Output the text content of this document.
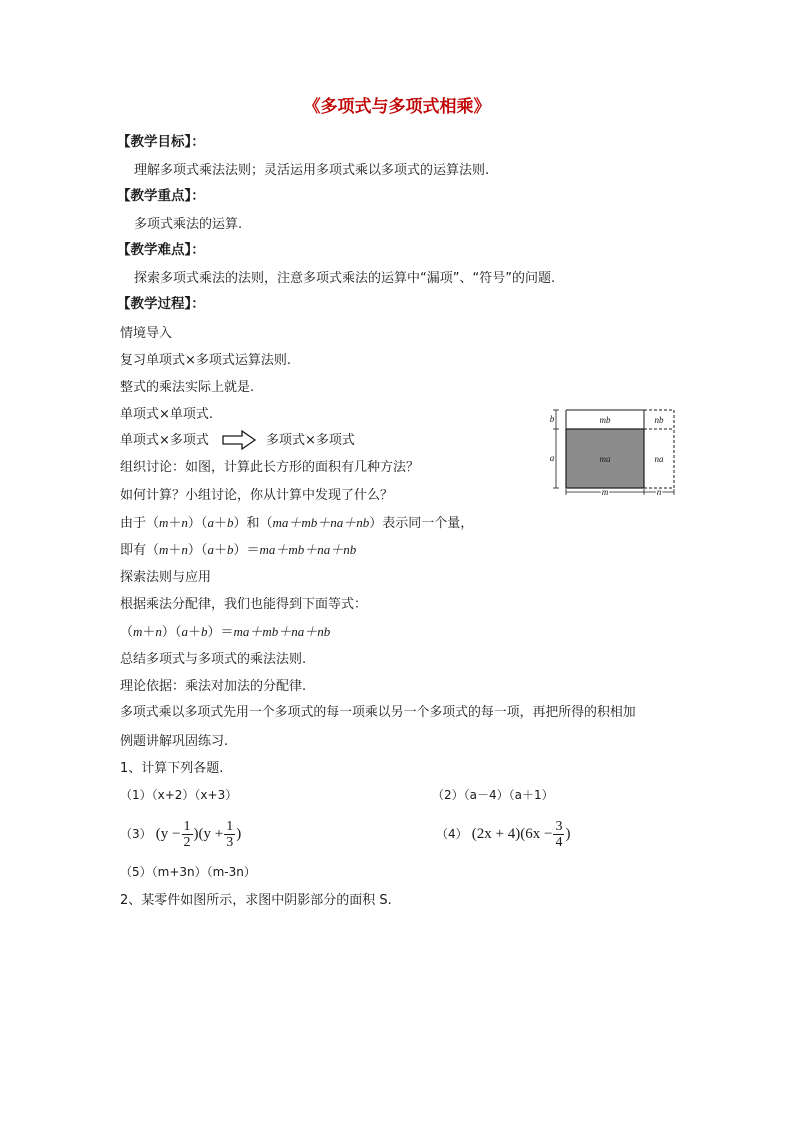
《多项式与多项式相乘》
【教学目标】：
理解多项式乘法法则；灵活运用多项式乘以多项式的运算法则.
【教学重点】：
多项式乘法的运算.
【教学难点】：
探索多项式乘法的法则，注意多项式乘法的运算中“漏项”、“符号”的问题.
【教学过程】：
情境导入
复习单项式×多项式运算法则.
整式的乘法实际上就是.
单项式×单项式.
单项式×多项式	多项式×多项式
组织讨论：如图，计算此长方形的面积有几种方法？
如何计算？小组讨论，你从计算中发现了什么？
由于（m＋n）（a＋b）和（ma＋mb＋na＋nb）表示同一个量，
即有（m＋n）（a＋b）＝ma＋mb＋na＋nb
探索法则与应用
根据乘法分配律，我们也能得到下面等式：
（m＋n）（a＋b）＝ma＋mb＋na＋nb
总结多项式与多项式的乘法法则.
理论依据：乘法对加法的分配律.
多项式乘以多项式先用一个多项式的每一项乘以另一个多项式的每一项，再把所得的积相加
例题讲解巩固练习.
1、计算下列各题.
（1）（x+2）（x+3）	（2）（a－4）（a＋1）
（3） $(y - \frac{1}{2} )(y + \frac{1}{3}$ )	（4） $(2x + 4)(6x - \frac{3}{4}$ )
（5）（m+3n）（m-3n）
2、某零件如图所示，求图中阴影部分的面积 S.
mb	nb
ma	na
b
a
m	n
